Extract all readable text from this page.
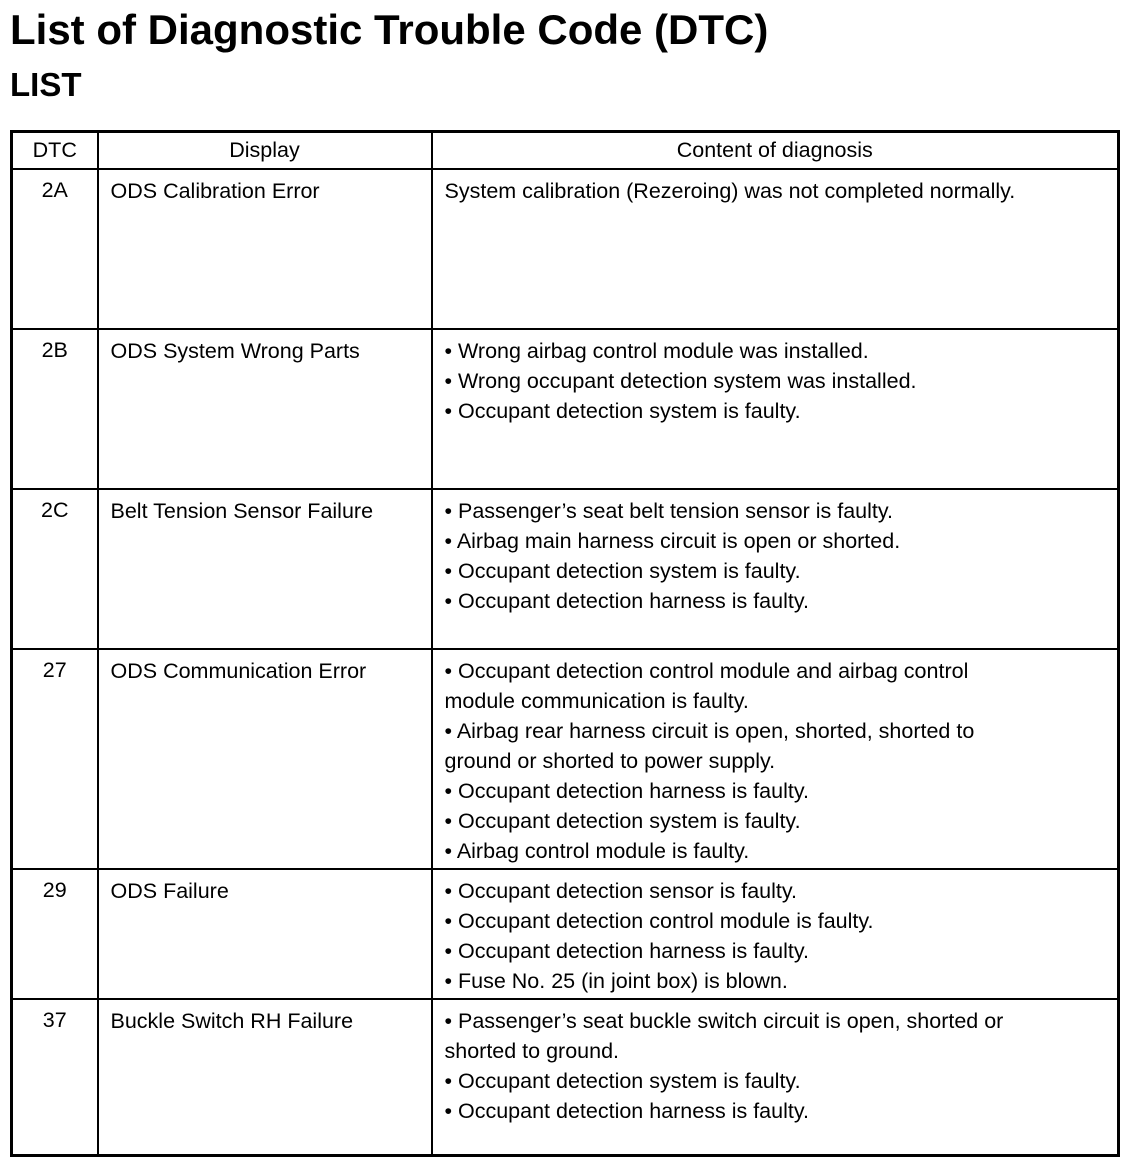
List of Diagnostic Trouble Code (DTC)
LIST
DTC	Display	Content of diagnosis
2A	ODS Calibration Error	System calibration (Rezeroing) was not completed normally.

2B	ODS System Wrong Parts	• Wrong airbag control module was installed.
• Wrong occupant detection system was installed.
• Occupant detection system is faulty.

2C	Belt Tension Sensor Failure	• Passenger’s seat belt tension sensor is faulty.
• Airbag main harness circuit is open or shorted.
• Occupant detection system is faulty.
• Occupant detection harness is faulty.

27	ODS Communication Error	• Occupant detection control module and airbag control
module communication is faulty.
• Airbag rear harness circuit is open, shorted, shorted to
ground or shorted to power supply.
• Occupant detection harness is faulty.
• Occupant detection system is faulty.
• Airbag control module is faulty.

29	ODS Failure	• Occupant detection sensor is faulty.
• Occupant detection control module is faulty.
• Occupant detection harness is faulty.
• Fuse No. 25 (in joint box) is blown.

37	Buckle Switch RH Failure	• Passenger’s seat buckle switch circuit is open, shorted or
shorted to ground.
• Occupant detection system is faulty.
• Occupant detection harness is faulty.
